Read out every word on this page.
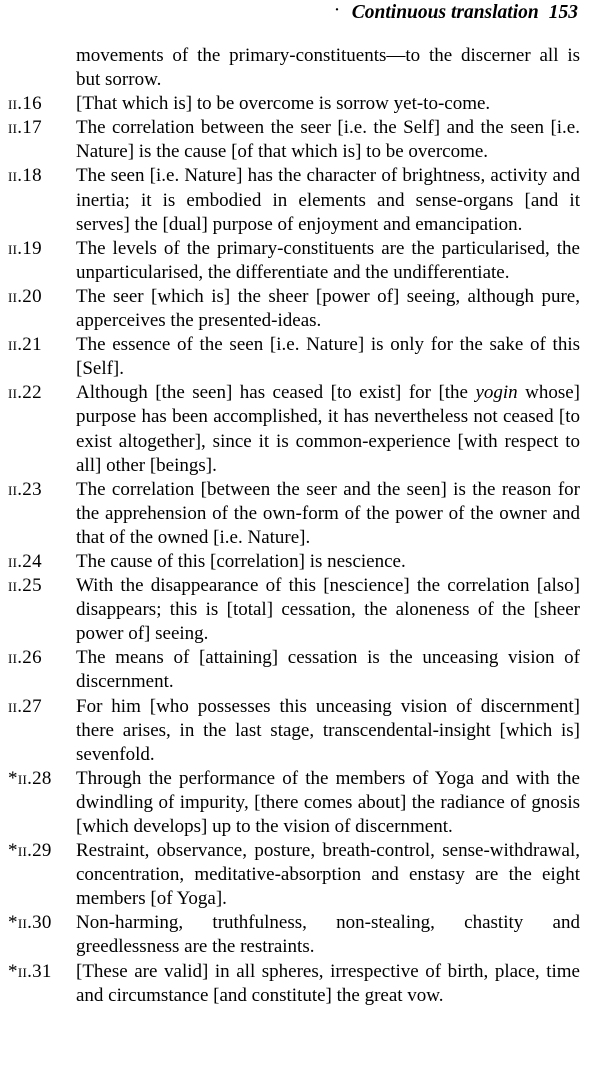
· Continuous translation 153
movements of the primary-constituents—to the discerner all is but sorrow.
ii.16	[That which is] to be overcome is sorrow yet-to-come.
ii.17	The correlation between the seer [i.e. the Self] and the seen [i.e. Nature] is the cause [of that which is] to be overcome.
ii.18	The seen [i.e. Nature] has the character of brightness, activity and inertia; it is embodied in elements and sense-organs [and it serves] the [dual] purpose of enjoyment and emancipation.
ii.19	The levels of the primary-constituents are the particularised, the unparticularised, the differentiate and the undifferentiate.
ii.20	The seer [which is] the sheer [power of] seeing, although pure, apperceives the presented-ideas.
ii.21	The essence of the seen [i.e. Nature] is only for the sake of this [Self].
ii.22	Although [the seen] has ceased [to exist] for [the yogin whose] purpose has been accomplished, it has nevertheless not ceased [to exist altogether], since it is common-experience [with respect to all] other [beings].
ii.23	The correlation [between the seer and the seen] is the reason for the apprehension of the own-form of the power of the owner and that of the owned [i.e. Nature].
ii.24	The cause of this [correlation] is nescience.
ii.25	With the disappearance of this [nescience] the correlation [also] disappears; this is [total] cessation, the aloneness of the [sheer power of] seeing.
ii.26	The means of [attaining] cessation is the unceasing vision of discernment.
ii.27	For him [who possesses this unceasing vision of discernment] there arises, in the last stage, transcendental-insight [which is] sevenfold.
*ii.28	Through the performance of the members of Yoga and with the dwindling of impurity, [there comes about] the radiance of gnosis [which develops] up to the vision of discernment.
*ii.29	Restraint, observance, posture, breath-control, sense-withdrawal, concentration, meditative-absorption and enstasy are the eight members [of Yoga].
*ii.30	Non-harming, truthfulness, non-stealing, chastity and greedlessness are the restraints.
*ii.31	[These are valid] in all spheres, irrespective of birth, place, time and circumstance [and constitute] the great vow.
